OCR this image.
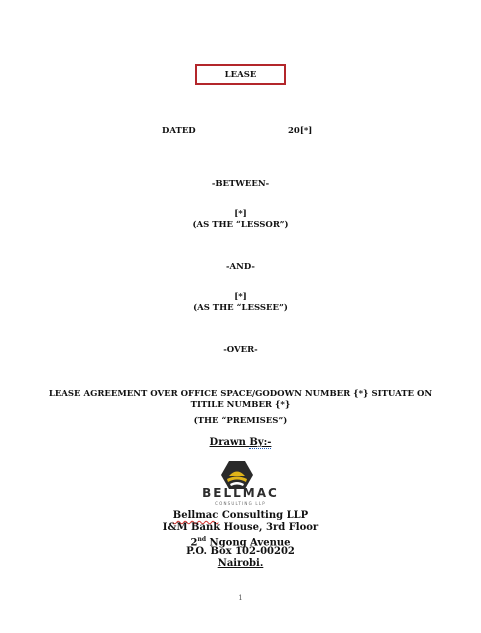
LEASE
DATED	20[*]
-BETWEEN-
[*]
(AS THE “LESSOR”)
-AND-
[*]
(AS THE “LESSEE”)
-OVER-
LEASE AGREEMENT OVER OFFICE SPACE/GODOWN NUMBER {*} SITUATE ON
TITILE NUMBER {*}
(THE “PREMISES”)
Drawn By:-
BELLMAC
CONSULTING LLP
Bellmac Consulting LLP
I&M Bank House, 3rd Floor
2nd Ngong Avenue
P.O. Box 102-00202
Nairobi.
1
